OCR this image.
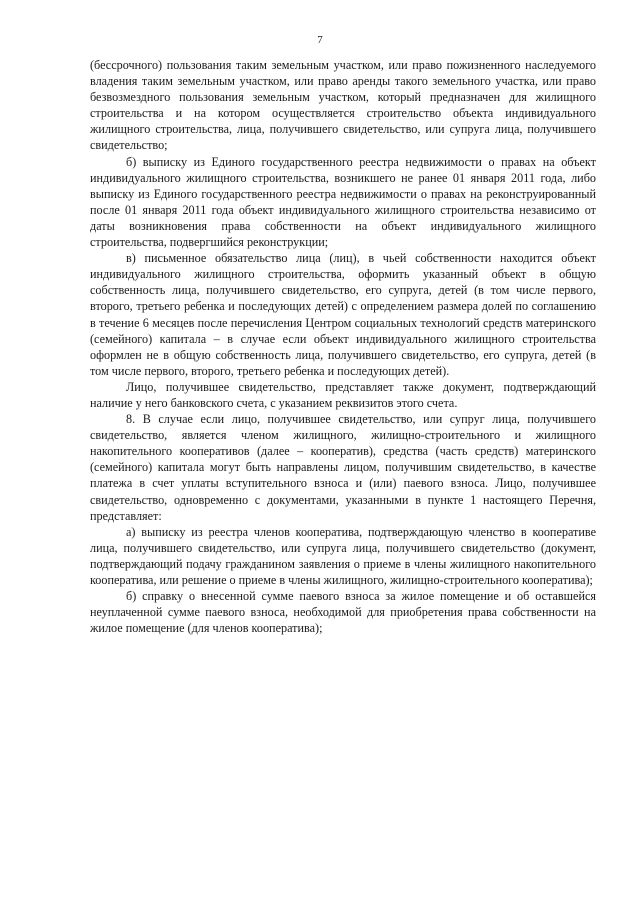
7

(бессрочного) пользования таким земельным участком, или право пожизненного наследуемого владения таким земельным участком, или право аренды такого земельного участка, или право безвозмездного пользования земельным участком, который предназначен для жилищного строительства и на котором осуществляется строительство объекта индивидуального жилищного строительства, лица, получившего свидетельство, или супруга лица, получившего свидетельство;

б) выписку из Единого государственного реестра недвижимости о правах на объект индивидуального жилищного строительства, возникшего не ранее 01 января 2011 года, либо выписку из Единого государственного реестра недвижимости о правах на реконструированный после 01 января 2011 года объект индивидуального жилищного строительства независимо от даты возникновения права собственности на объект индивидуального жилищного строительства, подвергшийся реконструкции;

в) письменное обязательство лица (лиц), в чьей собственности находится объект индивидуального жилищного строительства, оформить указанный объект в общую собственность лица, получившего свидетельство, его супруга, детей (в том числе первого, второго, третьего ребенка и последующих детей) с определением размера долей по соглашению в течение 6 месяцев после перечисления Центром социальных технологий средств материнского (семейного) капитала – в случае если объект индивидуального жилищного строительства оформлен не в общую собственность лица, получившего свидетельство, его супруга, детей (в том числе первого, второго, третьего ребенка и последующих детей).

Лицо, получившее свидетельство, представляет также документ, подтверждающий наличие у него банковского счета, с указанием реквизитов этого счета.

8. В случае если лицо, получившее свидетельство, или супруг лица, получившего свидетельство, является членом жилищного, жилищно-строительного и жилищного накопительного кооперативов (далее – кооператив), средства (часть средств) материнского (семейного) капитала могут быть направлены лицом, получившим свидетельство, в качестве платежа в счет уплаты вступительного взноса и (или) паевого взноса. Лицо, получившее свидетельство, одновременно с документами, указанными в пункте 1 настоящего Перечня, представляет:

а) выписку из реестра членов кооператива, подтверждающую членство в кооперативе лица, получившего свидетельство, или супруга лица, получившего свидетельство (документ, подтверждающий подачу гражданином заявления о приеме в члены жилищного накопительного кооператива, или решение о приеме в члены жилищного, жилищно-строительного кооператива);

б) справку о внесенной сумме паевого взноса за жилое помещение и об оставшейся неуплаченной сумме паевого взноса, необходимой для приобретения права собственности на жилое помещение (для членов кооператива);
